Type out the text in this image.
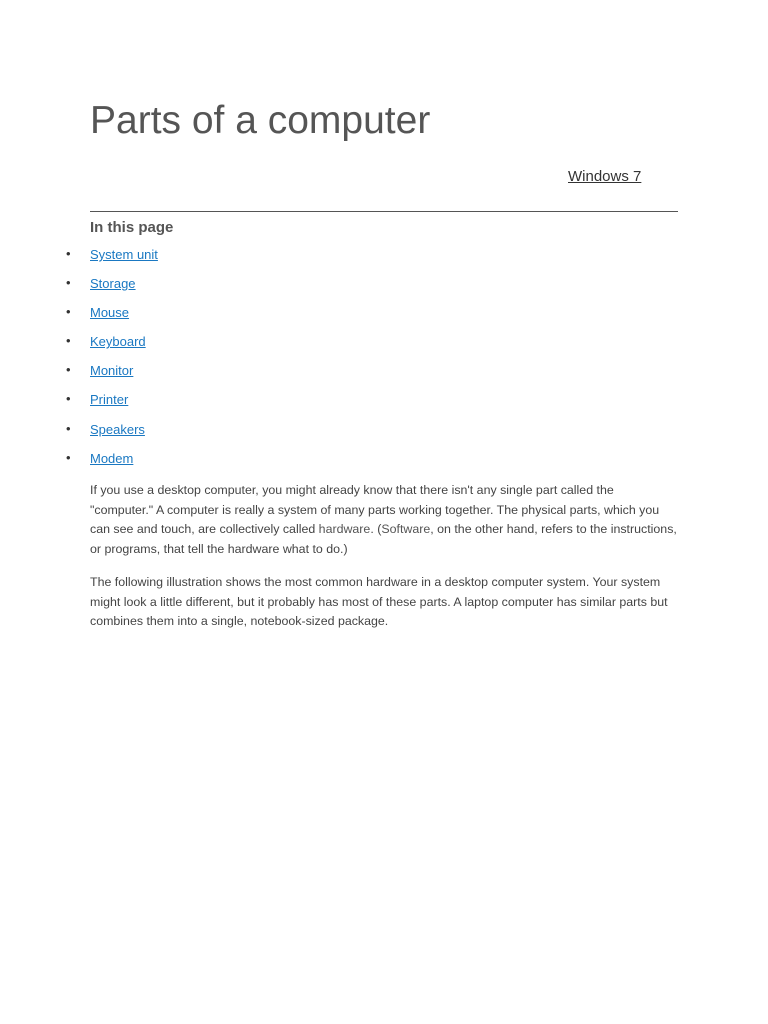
Parts of a computer
Windows 7
In this page
• System unit
• Storage
• Mouse
• Keyboard
• Monitor
• Printer
• Speakers
• Modem

If you use a desktop computer, you might already know that there isn't any single part called the "computer." A computer is really a system of many parts working together. The physical parts, which you can see and touch, are collectively called hardware. (Software, on the other hand, refers to the instructions, or programs, that tell the hardware what to do.)

The following illustration shows the most common hardware in a desktop computer system. Your system might look a little different, but it probably has most of these parts. A laptop computer has similar parts but combines them into a single, notebook-sized package.
